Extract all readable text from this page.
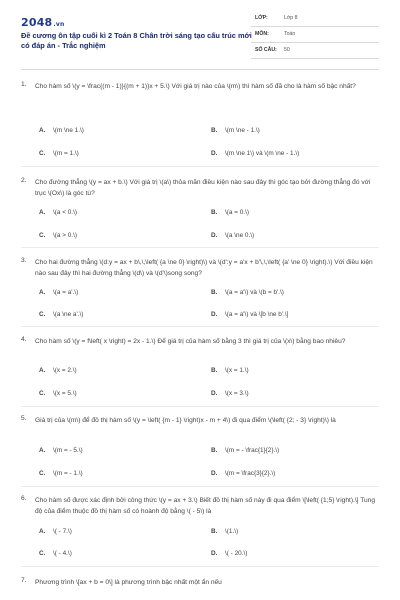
2048.vn
Đề cương ôn tập cuối kì 2 Toán 8 Chân trời sáng tạo cấu trúc mới có đáp án - Trắc nghiệm
LỚP:	Lớp 8
MÔN:	Toán
SỐ CÂU: 50
1. Cho hàm số \(y = \frac{(m - 1)}{(m + 1)}x + 5.\) Với giá trị nào của \(m\) thì hàm số đã cho là hàm số bậc nhất?
A. \(m \ne 1.\)	B. \(m \ne - 1.\)
C. \(m = 1.\)	D. \(m \ne 1\) và \(m \ne - 1.\)
2. Cho đường thẳng \(y = ax + b.\) Với giá trị \(a\) thỏa mãn điều kiện nào sau đây thì góc tạo bởi đường thẳng đó với trục \(Ox\) là góc tù?
A. \(a < 0.\)	B. \(a = 0.\)
C. \(a > 0.\)	D. \(a \ne 0.\)
3. Cho hai đường thẳng \(d:y = ax + b\,\,\left( {a \ne 0} \right)\) và \(d':y = a'x + b'\,\,\left( {a' \ne 0} \right).\) Với điều kiện nào sau đây thì hai đường thẳng \(d\) và \(d'\)song song?
A. \(a = a'.\)	B. \(a = a'\) và \(b = b'.\)
C. \(a \ne a'.\)	D. \(a = a'\) và \[b \ne b'.\]
4. Cho hàm số \(y = f\left( x \right) = 2x - 1.\) Để giá trị của hàm số bằng 3 thì giá trị của \(x\) bằng bao nhiêu?
A. \(x = 2.\)	B. \(x = 1.\)
C. \(x = 5.\)	D. \(x = 3.\)
5. Giá trị của \(m\) để đồ thị hàm số \(y = \left( {m - 1} \right)x - m + 4\) đi qua điểm \(\left( {2; - 3} \right)\) là
A. \(m = - 5.\)	B. \(m = - \frac{1}{2}.\)
C. \(m = - 1.\)	D. \(m = \frac{3}{2}.\)
6. Cho hàm số được xác định bởi công thức \(y = ax + 3.\) Biết đồ thị hàm số này đi qua điểm \[\left( {1;5} \right).\] Tung độ của điểm thuộc đồ thị hàm số có hoành độ bằng \( - 5\) là
A. \( - 7.\)	B. \(1.\)
C. \( - 4.\)	D. \( - 20.\)
7. Phương trình \[ax + b = 0\] là phương trình bậc nhất một ẩn nếu
